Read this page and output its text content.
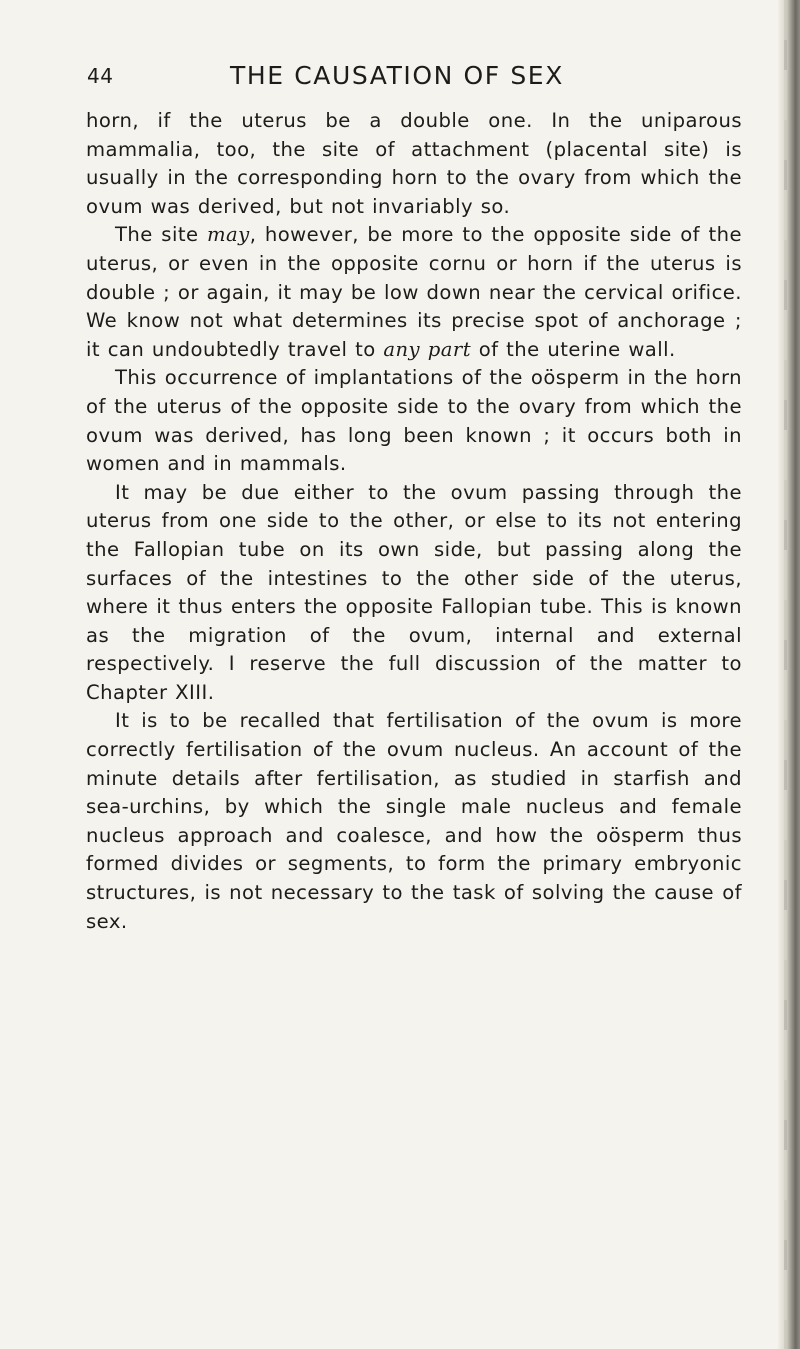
44	THE CAUSATION OF SEX

horn, if the uterus be a double one. In the uniparous mammalia, too, the site of attachment (placental site) is usually in the corresponding horn to the ovary from which the ovum was derived, but not invariably so.

The site may, however, be more to the opposite side of the uterus, or even in the opposite cornu or horn if the uterus is double ; or again, it may be low down near the cervical orifice. We know not what determines its precise spot of anchorage ; it can undoubtedly travel to any part of the uterine wall.

This occurrence of implantations of the oösperm in the horn of the uterus of the opposite side to the ovary from which the ovum was derived, has long been known ; it occurs both in women and in mammals.

It may be due either to the ovum passing through the uterus from one side to the other, or else to its not entering the Fallopian tube on its own side, but passing along the surfaces of the intestines to the other side of the uterus, where it thus enters the opposite Fallopian tube. This is known as the migration of the ovum, internal and external respectively. I reserve the full discussion of the matter to Chapter XIII.

It is to be recalled that fertilisation of the ovum is more correctly fertilisation of the ovum nucleus. An account of the minute details after fertilisation, as studied in starfish and sea-urchins, by which the single male nucleus and female nucleus approach and coalesce, and how the oösperm thus formed divides or segments, to form the primary embryonic structures, is not necessary to the task of solving the cause of sex.
